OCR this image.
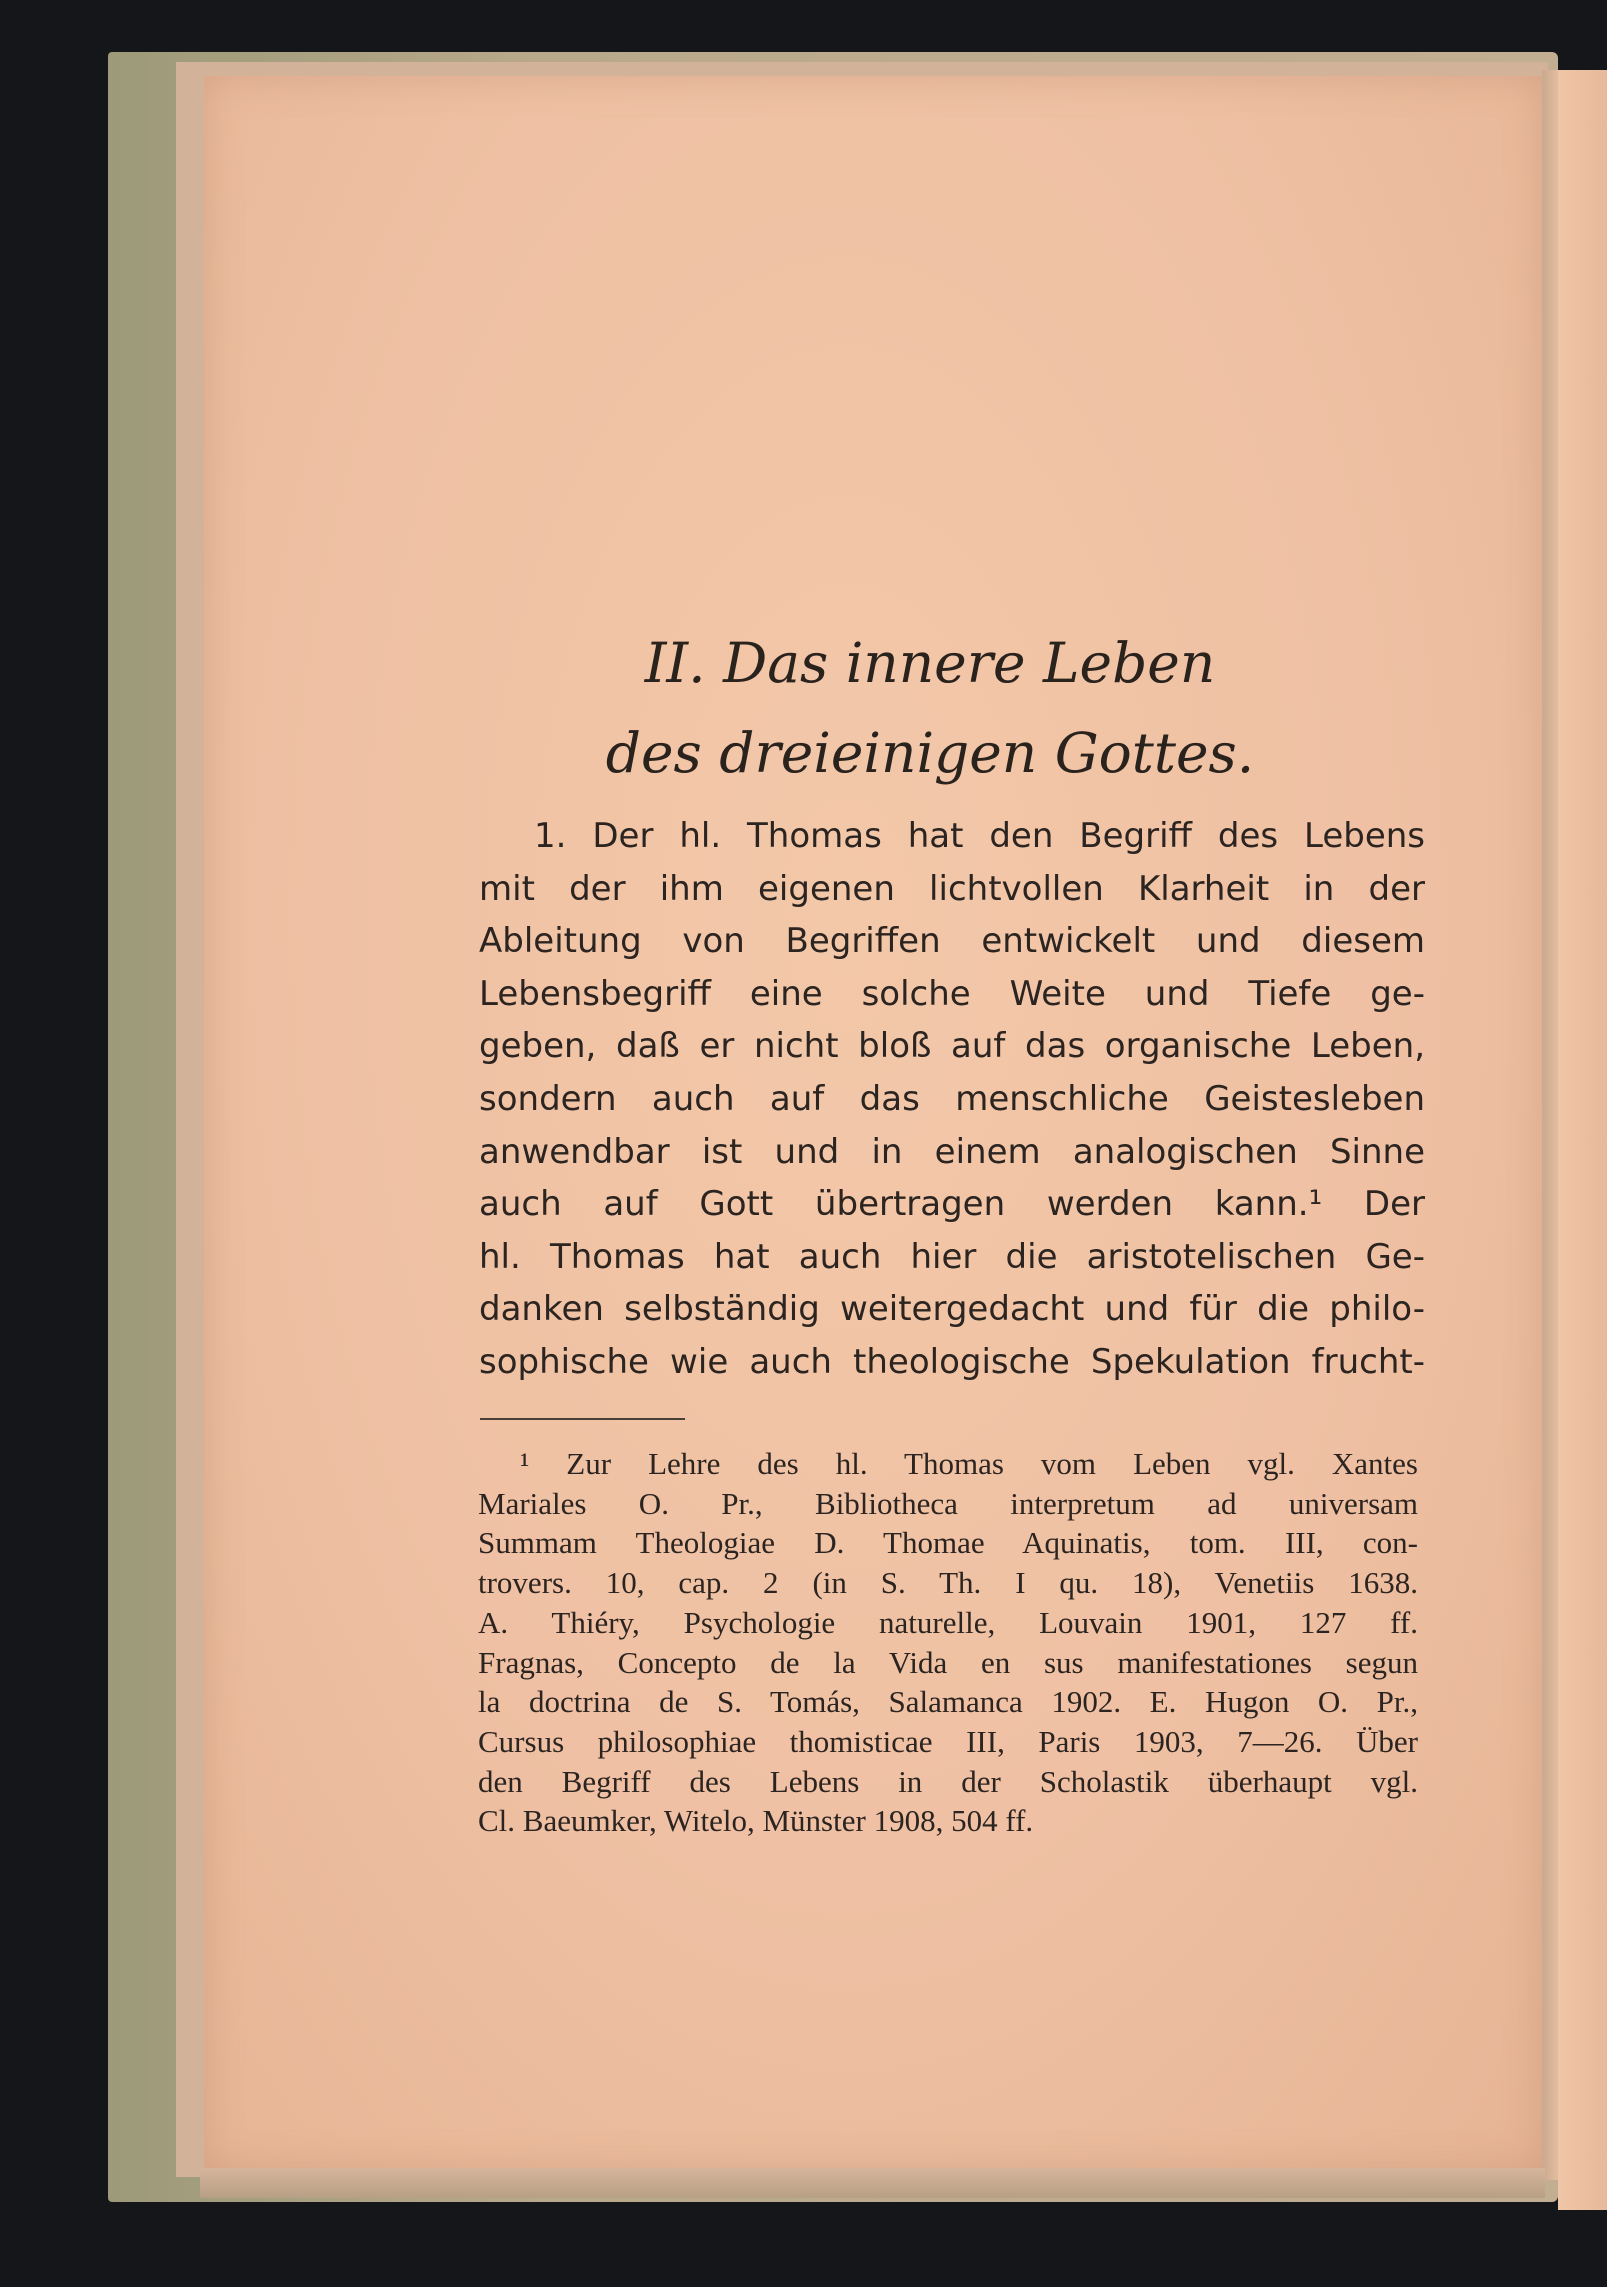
II. Das innere Leben
des dreieinigen Gottes.

1. Der hl. Thomas hat den Begriff des Lebens
mit der ihm eigenen lichtvollen Klarheit in der
Ableitung von Begriffen entwickelt und diesem
Lebensbegriff eine solche Weite und Tiefe ge-
geben, daß er nicht bloß auf das organische Leben,
sondern auch auf das menschliche Geistesleben
anwendbar ist und in einem analogischen Sinne
auch auf Gott übertragen werden kann.¹ Der
hl. Thomas hat auch hier die aristotelischen Ge-
danken selbständig weitergedacht und für die philo-
sophische wie auch theologische Spekulation frucht-

¹ Zur Lehre des hl. Thomas vom Leben vgl. Xantes
Mariales O. Pr., Bibliotheca interpretum ad universam
Summam Theologiae D. Thomae Aquinatis, tom. III, con-
trovers. 10, cap. 2 (in S. Th. I qu. 18), Venetiis 1638.
A. Thiéry, Psychologie naturelle, Louvain 1901, 127 ff.
Fragnas, Concepto de la Vida en sus manifestationes segun
la doctrina de S. Tomás, Salamanca 1902. E. Hugon O. Pr.,
Cursus philosophiae thomisticae III, Paris 1903, 7—26. Über
den Begriff des Lebens in der Scholastik überhaupt vgl.
Cl. Baeumker, Witelo, Münster 1908, 504 ff.
